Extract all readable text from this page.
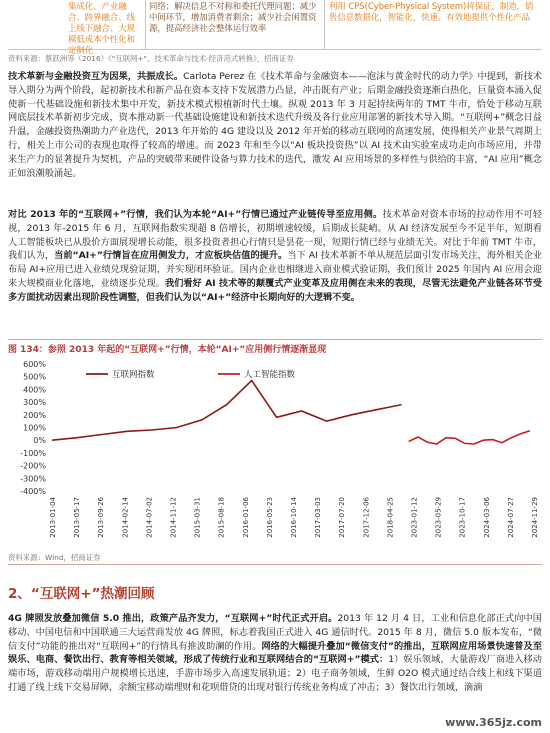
集成化、产业融合、跨界融合、线上线下融合、大规模低成本个性化和定制化
同络；解决信息不对称和委托代理问题；减少中间环节，增加消费者剩余；减少社会闲置资源，提高经济社会整体运行效率
利用 CPS(Cyber-Physical System)将保证，制造，销售信息数据化，智能化，快速、有效地提供个性化产品
资料来源：蔡跃洲等（2016）《"互联网+"、技术革命与技术-经济范式转换》，招商证券
技术革新与金融投资互为因果，共振成长。Carlota Perez 在《技术革命与金融资本——泡沫与黄金时代的动力学》中提到，新技术导入期分为两个阶段，起初新技术和新产品在资本支持下发展潜力凸显，冲击既有产业；后期金融投资逐渐白热化，巨量资本涌入促使新一代基础设施和新技术集中开发，新技术模式根植新时代土壤。纵观 2013 年 3 月起持续两年的 TMT 牛市，恰处于移动互联网底层技术革新初步完成，资本推动新一代基础设施建设和新技术迭代升级及各行业应用部署的新技术导入期。“互联网+”概念日益升温，金融投资热潮助力产业迭代，2013 年开始的 4G 建设以及 2012 年开始的移动互联网的高速发展，使得相关产业景气周期上行，相关上市公司的表现也取得了较高的增速。而 2023 年和至今以“AI 板块投资热”以 AI 技术由实验室成功走向市场应用，并带来生产力的显著提升为契机，产品的突破带来硬件设备与算力技术的迭代，激发 AI 应用场景的多样性与供给的丰富，“AI 应用”概念正如浪潮般涌起。
对比 2013 年的“互联网+”行情，我们认为本轮“AI+”行情已通过产业链传导至应用侧。技术革命对资本市场的拉动作用不可轻视，2013 年-2015 年 6 月，互联网指数实现超 8 倍增长，初期增速较缓，后期成长陡峭。从 AI 经济发展至今不足半年，短期看人工智能板块已从股价方面展现增长动能，很多投资者担心行情只是昙花一现，短期行情已经与业绩无关。对比于年前 TMT 牛市，我们认为，当前“AI+”行情旨在应用侧发力，才应板块估值的提升。当下 AI 技术革新不单从规范层面引发市场关注，海外相关企业布局 AI+应用已进入业绩兑现验证期，并实现闭环验证。国内企业也相继进入商业模式验证期，我们预计 2025 年国内 AI 应用会迎来大规模商业化落地，业绩逐步兑现。我们看好 AI 技术等的颠覆式产业变革及应用侧在未来的表现，尽管无法避免产业链各环节受多方面扰动因素出现阶段性调整，但我们认为以“AI+”经济中长期向好的大逻辑不变。
图 134：参照 2013 年起的“互联网+”行情，本轮“AI+”应用侧行情逐渐显现
600%
500%
400%
300%
200%
100%
0%
-100%
-200%
-300%
-400%
2013-01-04 2013-05-17 2013-09-26 2014-02-14 2014-07-02 2014-11-12 2015-03-31 2015-08-18 2016-01-06 2016-05-23 2016-10-14 2017-03-03 2017-07-20 2017-12-06 2018-04-25 2023-01-12 2023-05-29 2023-10-17 2024-03-06 2024-07-27 2024-11-29
互联网指数	人工智能指数
资料来源：Wind，招商证券
2、“互联网+”热潮回顾
4G 牌照发放叠加微信 5.0 推出，政策产品齐发力，“互联网+”时代正式开启。2013 年 12 月 4 日，工业和信息化部正式向中国移动、中国电信和中国联通三大运营商发放 4G 牌照，标志着我国正式进入 4G 通信时代。2015 年 8 月，微信 5.0 版本发布，“微信支付”功能的推出对“互联网+”的行情具有推波助澜的作用。网络的大幅提升叠加“微信支付”的推出，互联网应用场景快速普及至娱乐、电商、餐饮出行、教育等相关领域，形成了传统行业和互联网结合的“互联网+”模式：1）娱乐领域，大量游戏厂商进入移动端市场，游戏移动端用户规模增长迅速，手游市场步入高速发展轨道；2）电子商务领域，生鲜 O2O 模式通过结合线上和线下渠道打通了线上线下交易屏障，余额宝移动端理财和花呗借贷的出现对银行传统业务构成了冲击；3）餐饮出行领域，滴滴
www.365jz.com
